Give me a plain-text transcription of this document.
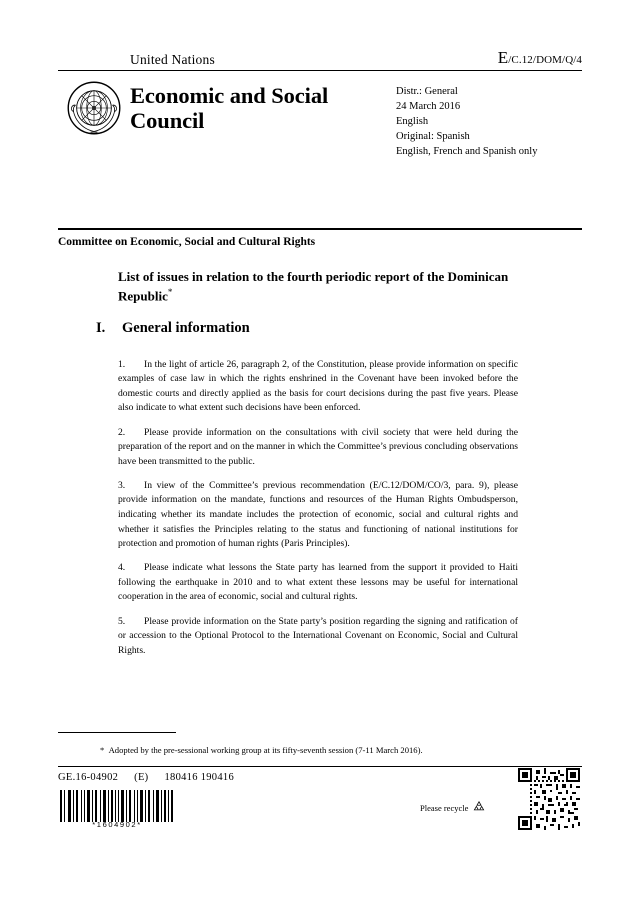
United Nations	E/C.12/DOM/Q/4
Economic and Social Council
Distr.: General
24 March 2016
English
Original: Spanish
English, French and Spanish only
Committee on Economic, Social and Cultural Rights
List of issues in relation to the fourth periodic report of the Dominican Republic*
I.	General information

1. In the light of article 26, paragraph 2, of the Constitution, please provide information on specific examples of case law in which the rights enshrined in the Covenant have been invoked before the domestic courts and directly applied as the basis for court decisions during the past five years. Please also indicate to what extent such decisions have been enforced.

2. Please provide information on the consultations with civil society that were held during the preparation of the report and on the manner in which the Committee’s previous concluding observations have been transmitted to the public.

3. In view of the Committee’s previous recommendation (E/C.12/DOM/CO/3, para. 9), please provide information on the mandate, functions and resources of the Human Rights Ombudsperson, indicating whether its mandate includes the protection of economic, social and cultural rights and whether it satisfies the Principles relating to the status and functioning of national institutions for protection and promotion of human rights (Paris Principles).

4. Please indicate what lessons the State party has learned from the support it provided to Haiti following the earthquake in 2010 and to what extent these lessons may be useful for international cooperation in the area of economic, social and cultural rights.

5. Please provide information on the State party’s position regarding the signing and ratification of or accession to the Optional Protocol to the International Covenant on Economic, Social and Cultural Rights.

* Adopted by the pre-sessional working group at its fifty-seventh session (7-11 March 2016).
GE.16-04902 (E) 180416 190416
*1604902*
Please recycle
